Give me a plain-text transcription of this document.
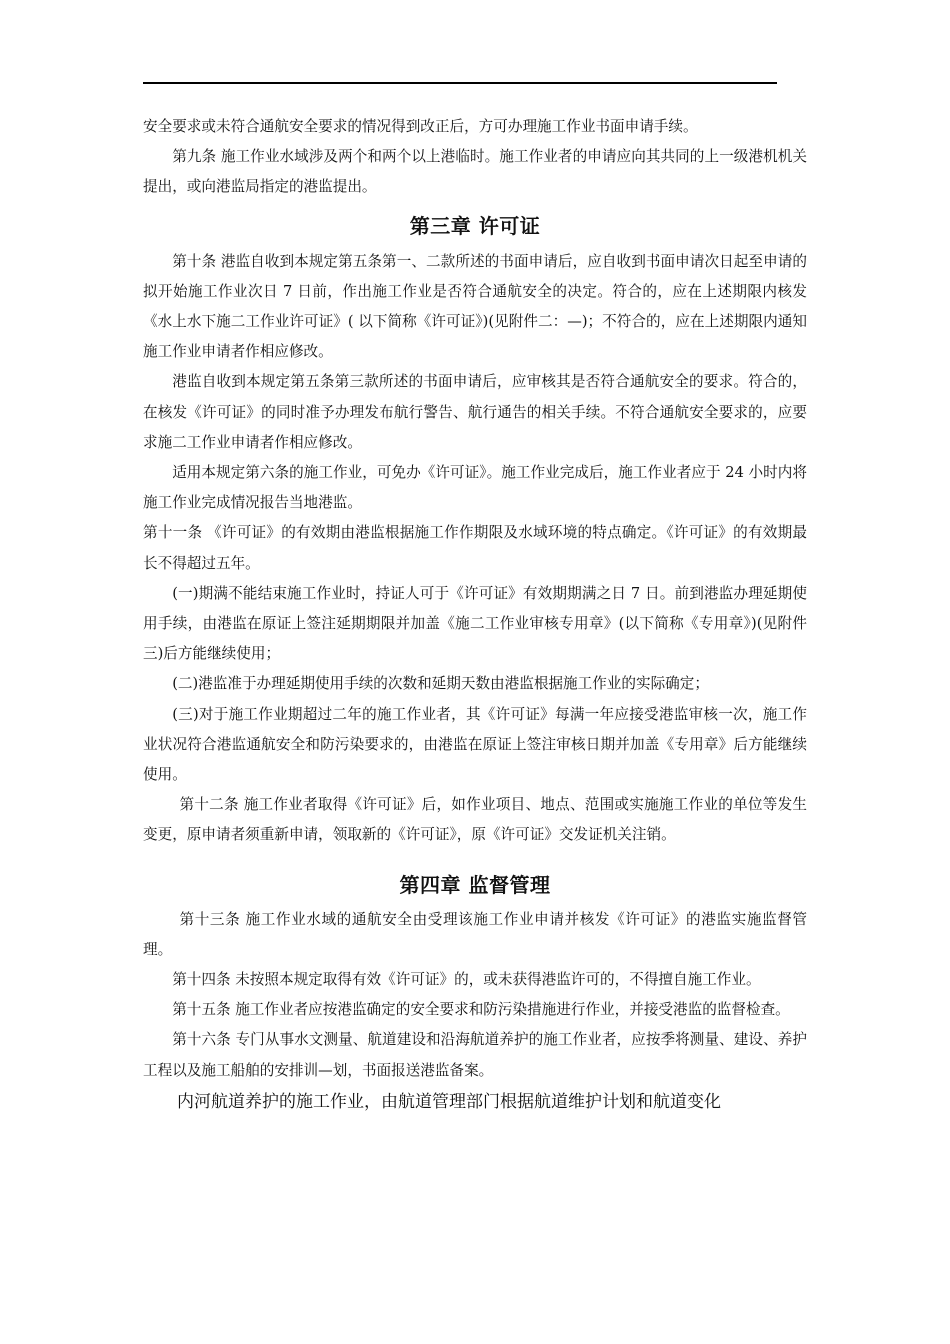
安全要求或未符合通航安全要求的情况得到改正后，方可办理施工作业书面申请手续。

第九条 施工作业水域涉及两个和两个以上港临时。施工作业者的申请应向其共同的上一级港机机关提出，或向港监局指定的港监提出。

第三章 许可证

第十条 港监自收到本规定第五条第一、二款所述的书面申请后，应自收到书面申请次日起至申请的拟开始施工作业次日 7 日前，作出施工作业是否符合通航安全的决定。符合的，应在上述期限内核发《水上水下施二工作业许可证》( 以下简称《许可证》)(见附件二：—)；不符合的，应在上述期限内通知施工作业申请者作相应修改。

港监自收到本规定第五条第三款所述的书面申请后，应审核其是否符合通航安全的要求。符合的，在核发《许可证》的同时准予办理发布航行警告、航行通告的相关手续。不符合通航安全要求的，应要求施二工作业申请者作相应修改。

适用本规定第六条的施工作业，可免办《许可证》。施工作业完成后，施工作业者应于 24 小时内将施工作业完成情况报告当地港监。

第十一条 《许可证》的有效期由港监根据施工作作期限及水域环境的特点确定。《许可证》的有效期最长不得超过五年。

(一)期满不能结束施工作业时，持证人可于《许可证》有效期期满之日 7 日。前到港监办理延期使用手续，由港监在原证上签注延期期限并加盖《施二工作业审核专用章》(以下简称《专用章》)(见附件三)后方能继续使用；

(二)港监准于办理延期使用手续的次数和延期天数由港监根据施工作业的实际确定；

(三)对于施工作业期超过二年的施工作业者，其《许可证》每满一年应接受港监审核一次，施工作业状况符合港监通航安全和防污染要求的，由港监在原证上签注审核日期并加盖《专用章》后方能继续使用。

第十二条 施工作业者取得《许可证》后，如作业项目、地点、范围或实施施工作业的单位等发生变更，原申请者须重新申请，领取新的《许可证》，原《许可证》交发证机关注销。

第四章 监督管理

第十三条 施工作业水域的通航安全由受理该施工作业申请并核发《许可证》的港监实施监督管理。

第十四条 未按照本规定取得有效《许可证》的，或未获得港监许可的，不得擅自施工作业。

第十五条 施工作业者应按港监确定的安全要求和防污染措施进行作业，并接受港监的监督检查。

第十六条 专门从事水文测量、航道建设和沿海航道养护的施工作业者，应按季将测量、建设、养护工程以及施工船舶的安排训—划，书面报送港监备案。

内河航道养护的施工作业，由航道管理部门根据航道维护计划和航道变化
